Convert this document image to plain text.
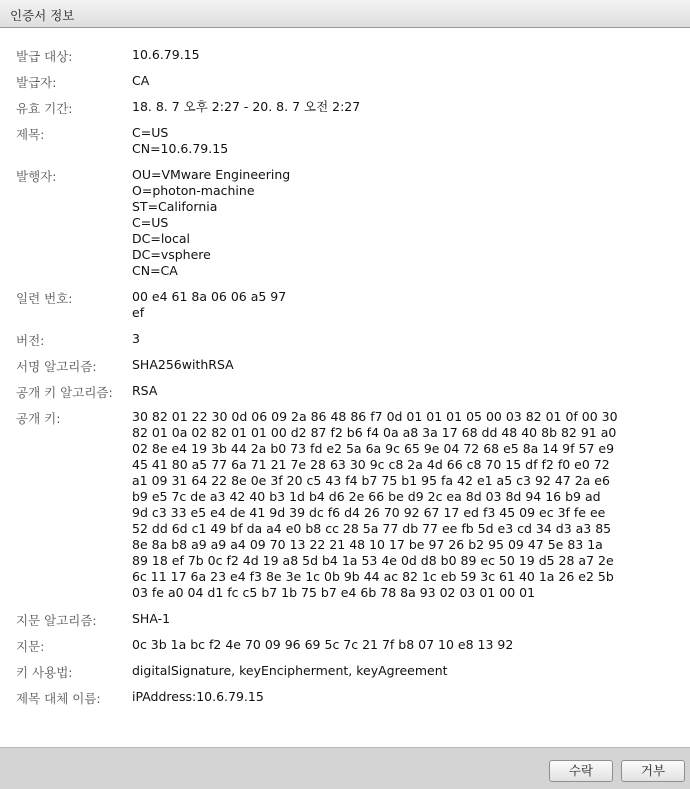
인증서 정보
발급 대상:	10.6.79.15
발급자:	CA
유효 기간:	18. 8. 7 오후 2:27 - 20. 8. 7 오전 2:27
제목:	C=US
CN=10.6.79.15
발행자:	OU=VMware Engineering
O=photon-machine
ST=California
C=US
DC=local
DC=vsphere
CN=CA
일련 번호:	00 e4 61 8a 06 06 a5 97
ef
버전:	3
서명 알고리즘:	SHA256withRSA
공개 키 알고리즘: RSA
공개 키:	30 82 01 22 30 0d 06 09 2a 86 48 86 f7 0d 01 01 01 05 00 03 82 01 0f 00 30
82 01 0a 02 82 01 01 00 d2 87 f2 b6 f4 0a a8 3a 17 68 dd 48 40 8b 82 91 a0
02 8e e4 19 3b 44 2a b0 73 fd e2 5a 6a 9c 65 9e 04 72 68 e5 8a 14 9f 57 e9
45 41 80 a5 77 6a 71 21 7e 28 63 30 9c c8 2a 4d 66 c8 70 15 df f2 f0 e0 72
a1 09 31 64 22 8e 0e 3f 20 c5 43 f4 b7 75 b1 95 fa 42 e1 a5 c3 92 47 2a e6
b9 e5 7c de a3 42 40 b3 1d b4 d6 2e 66 be d9 2c ea 8d 03 8d 94 16 b9 ad
9d c3 33 e5 e4 de 41 9d 39 dc f6 d4 26 70 92 67 17 ed f3 45 09 ec 3f fe ee
52 dd 6d c1 49 bf da a4 e0 b8 cc 28 5a 77 db 77 ee fb 5d e3 cd 34 d3 a3 85
8e 8a b8 a9 a9 a4 09 70 13 22 21 48 10 17 be 97 26 b2 95 09 47 5e 83 1a
89 18 ef 7b 0c f2 4d 19 a8 5d b4 1a 53 4e 0d d8 b0 89 ec 50 19 d5 28 a7 2e
6c 11 17 6a 23 e4 f3 8e 3e 1c 0b 9b 44 ac 82 1c eb 59 3c 61 40 1a 26 e2 5b
03 fe a0 04 d1 fc c5 b7 1b 75 b7 e4 6b 78 8a 93 02 03 01 00 01
지문 알고리즘:	SHA-1
지문:	0c 3b 1a bc f2 4e 70 09 96 69 5c 7c 21 7f b8 07 10 e8 13 92
키 사용법:	digitalSignature, keyEncipherment, keyAgreement
제목 대체 이름:	iPAddress:10.6.79.15
수락	거부
